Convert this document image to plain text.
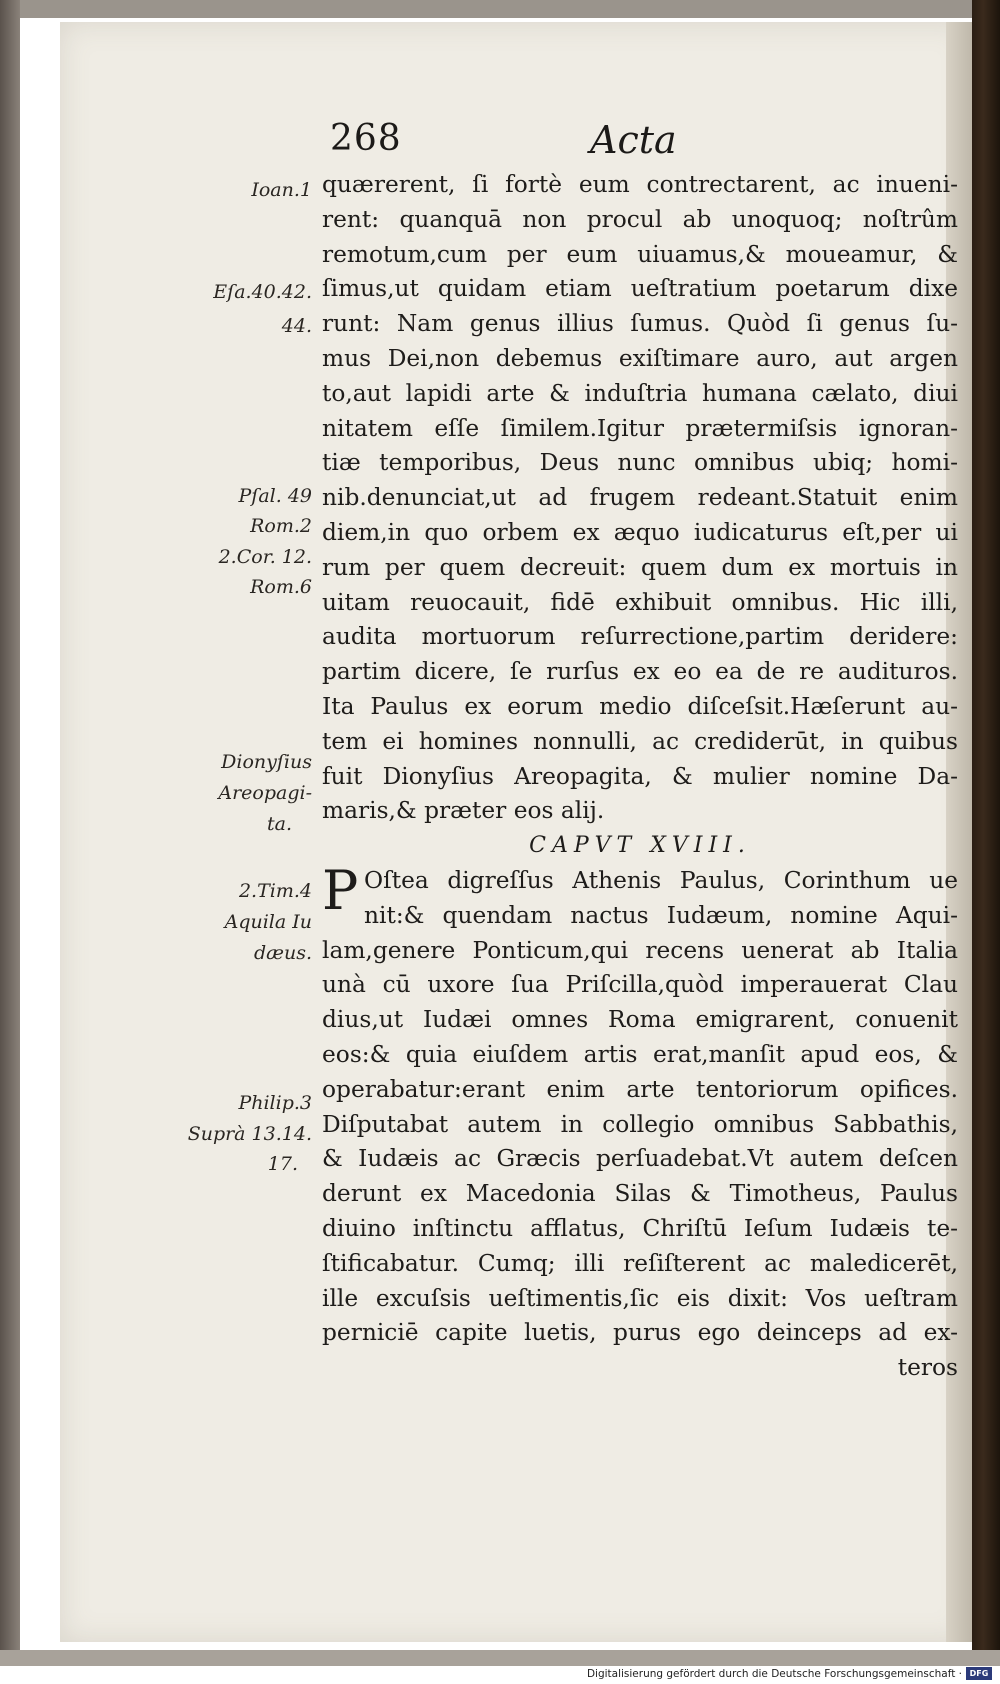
268	Acta
Ioan.1
Eſa.40.42.
44.
Pſal. 49
Rom.2
2.Cor. 12.
Rom.6
Dionyſius
Areopagi-
ta.
2.Tim.4
Aquila Iu
dæus.
Philip.3
Suprà 13.14.
17.
quærerent, ſi fortè eum contrectarent, ac inueni-
rent: quanquā non procul ab unoquoq; noſtrûm
remotum,cum per eum uiuamus,& moueamur, &
ſimus,ut quidam etiam ueſtratium poetarum dixe
runt: Nam genus illius ſumus. Quòd ſi genus ſu-
mus Dei,non debemus exiſtimare auro, aut argen
to,aut lapidi arte & induſtria humana cælato, diui
nitatem eſſe ſimilem.Igitur prætermiſsis ignoran-
tiæ temporibus, Deus nunc omnibus ubiq; homi-
nib.denunciat,ut ad frugem redeant.Statuit enim
diem,in quo orbem ex æquo iudicaturus eſt,per ui
rum per quem decreuit: quem dum ex mortuis in
uitam reuocauit, fidē exhibuit omnibus. Hic illi,
audita mortuorum reſurrectione,partim deridere:
partim dicere, ſe rurſus ex eo ea de re audituros.
Ita Paulus ex eorum medio diſceſsit.Hæſerunt au-
tem ei homines nonnulli, ac crediderūt, in quibus
fuit Dionyſius Areopagita, & mulier nomine Da-
maris,& præter eos alij.
CAPVT XVIII.
Oſtea digreſſus Athenis Paulus, Corinthum ue
nit:& quendam nactus Iudæum, nomine Aqui-
lam,genere Ponticum,qui recens uenerat ab Italia
unà cū uxore ſua Priſcilla,quòd imperauerat Clau
dius,ut Iudæi omnes Roma emigrarent, conuenit
eos:& quia eiuſdem artis erat,manſit apud eos, &
operabatur:erant enim arte tentoriorum opifices.
Diſputabat autem in collegio omnibus Sabbathis,
& Iudæis ac Græcis perſuadebat.Vt autem deſcen
derunt ex Macedonia Silas & Timotheus, Paulus
diuino inſtinctu afflatus, Chriſtū Ieſum Iudæis te-
ſtificabatur. Cumq; illi reſiſterent ac maledicerēt,
ille excuſsis ueſtimentis,ſic eis dixit: Vos ueſtram
perniciē capite luetis, purus ego deinceps ad ex-
teros
P
Digitalisierung gefördert durch die Deutsche Forschungsgemeinschaft · DFG
